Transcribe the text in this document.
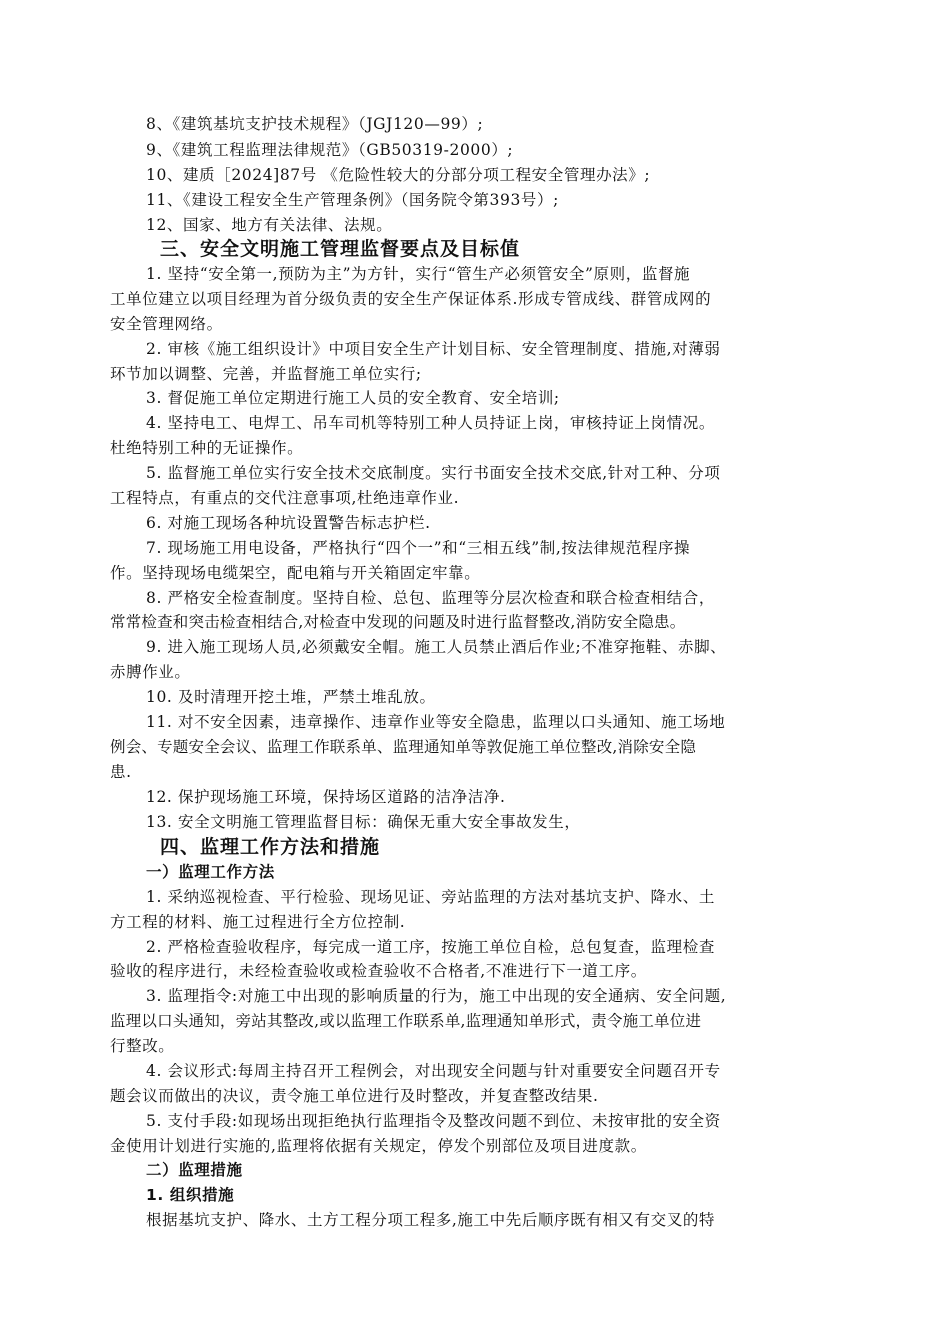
8、《建筑基坑支护技术规程》（JGJ120—99）;
9、《建筑工程监理法律规范》（GB50319-2000）;
10、建质［2024]87号 《危险性较大的分部分项工程安全管理办法》;
11、《建设工程安全生产管理条例》（国务院令第393号）;
12、国家、地方有关法律、法规。
三、安全文明施工管理监督要点及目标值
1. 坚持“安全第一,预防为主”为方针，实行“管生产必须管安全”原则，监督施
工单位建立以项目经理为首分级负责的安全生产保证体系.形成专管成线、群管成网的
安全管理网络。
2. 审核《施工组织设计》中项目安全生产计划目标、安全管理制度、措施,对薄弱
环节加以调整、完善，并监督施工单位实行;
3. 督促施工单位定期进行施工人员的安全教育、安全培训;
4. 坚持电工、电焊工、吊车司机等特别工种人员持证上岗，审核持证上岗情况。
杜绝特别工种的无证操作。
5. 监督施工单位实行安全技术交底制度。实行书面安全技术交底,针对工种、分项
工程特点，有重点的交代注意事项,杜绝违章作业.
6. 对施工现场各种坑设置警告标志护栏.
7. 现场施工用电设备，严格执行“四个一”和“三相五线”制,按法律规范程序操
作。坚持现场电缆架空，配电箱与开关箱固定牢靠。
8. 严格安全检查制度。坚持自检、总包、监理等分层次检查和联合检查相结合，
常常检查和突击检查相结合,对检查中发现的问题及时进行监督整改,消防安全隐患。
9. 进入施工现场人员,必须戴安全帽。施工人员禁止酒后作业;不准穿拖鞋、赤脚、
赤膊作业。
10. 及时清理开挖土堆，严禁土堆乱放。
11. 对不安全因素，违章操作、违章作业等安全隐患，监理以口头通知、施工场地
例会、专题安全会议、监理工作联系单、监理通知单等敦促施工单位整改,消除安全隐
患.
12. 保护现场施工环境，保持场区道路的洁净洁净.
13. 安全文明施工管理监督目标：确保无重大安全事故发生，
四、监理工作方法和措施
一）监理工作方法
1. 采纳巡视检查、平行检验、现场见证、旁站监理的方法对基坑支护、降水、土
方工程的材料、施工过程进行全方位控制.
2. 严格检查验收程序，每完成一道工序，按施工单位自检，总包复查，监理检查
验收的程序进行，未经检查验收或检查验收不合格者,不准进行下一道工序。
3. 监理指令:对施工中出现的影响质量的行为，施工中出现的安全通病、安全问题,
监理以口头通知，旁站其整改,或以监理工作联系单,监理通知单形式，责令施工单位进
行整改。
4. 会议形式:每周主持召开工程例会，对出现安全问题与针对重要安全问题召开专
题会议而做出的决议，责令施工单位进行及时整改，并复查整改结果.
5. 支付手段:如现场出现拒绝执行监理指令及整改问题不到位、未按审批的安全资
金使用计划进行实施的,监理将依据有关规定，停发个别部位及项目进度款。
二）监理措施
1. 组织措施
根据基坑支护、降水、土方工程分项工程多,施工中先后顺序既有相又有交叉的特
